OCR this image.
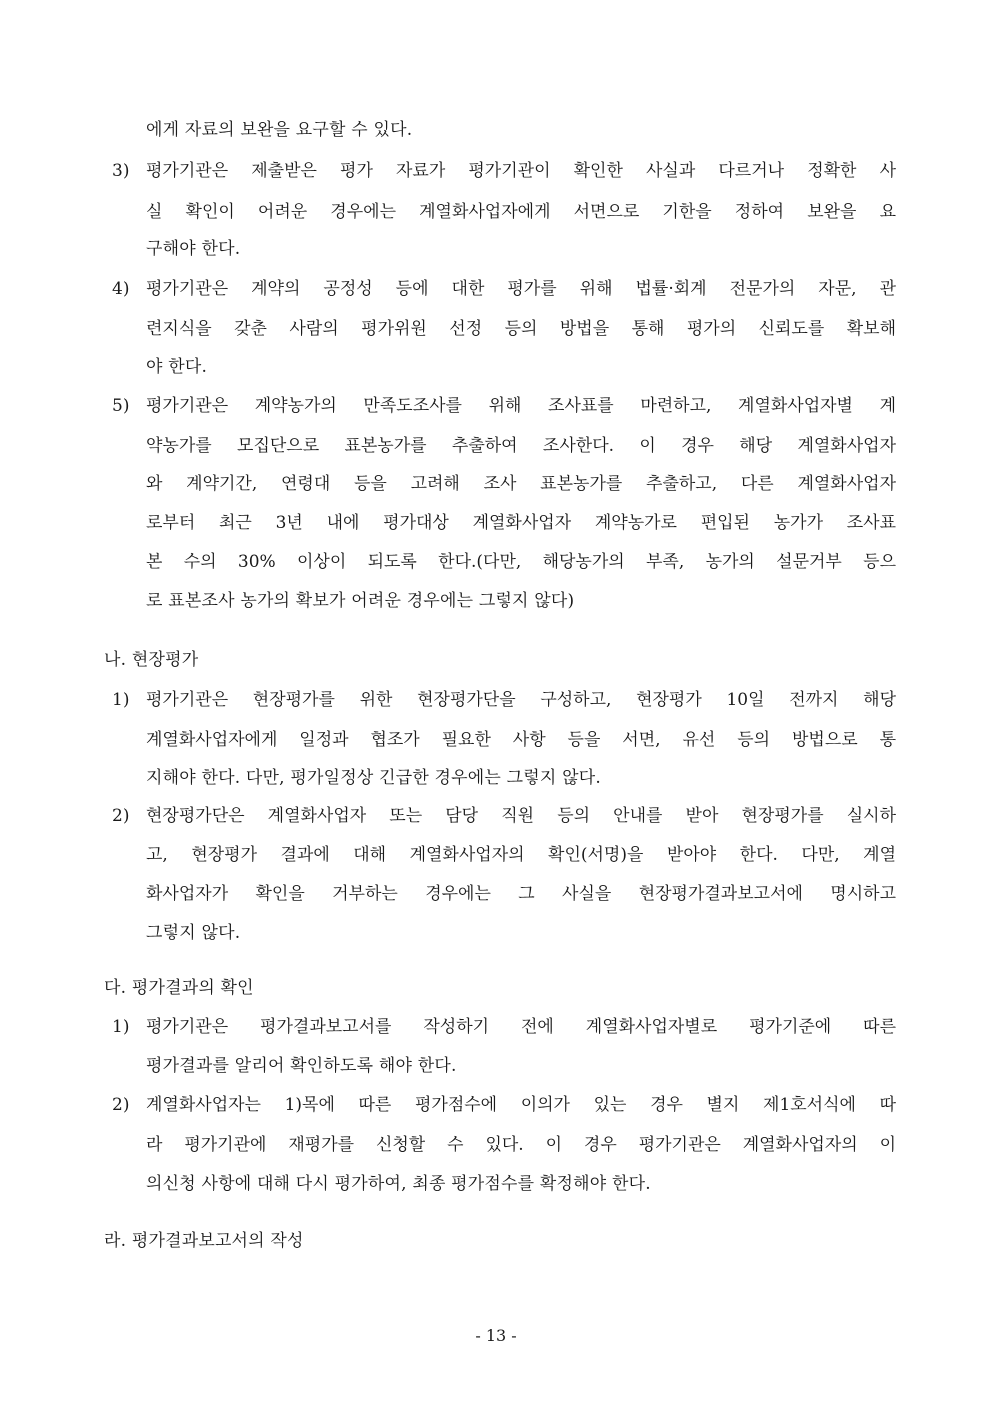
에게 자료의 보완을 요구할 수 있다.
3) 평가기관은 제출받은 평가 자료가 평가기관이 확인한 사실과 다르거나 정확한 사
실 확인이 어려운 경우에는 계열화사업자에게 서면으로 기한을 정하여 보완을 요
구해야 한다.
4) 평가기관은 계약의 공정성 등에 대한 평가를 위해 법률·회계 전문가의 자문, 관
련지식을 갖춘 사람의 평가위원 선정 등의 방법을 통해 평가의 신뢰도를 확보해
야 한다.
5) 평가기관은 계약농가의 만족도조사를 위해 조사표를 마련하고, 계열화사업자별 계
약농가를 모집단으로 표본농가를 추출하여 조사한다. 이 경우 해당 계열화사업자
와 계약기간, 연령대 등을 고려해 조사 표본농가를 추출하고, 다른 계열화사업자
로부터 최근 3년 내에 평가대상 계열화사업자 계약농가로 편입된 농가가 조사표
본 수의 30% 이상이 되도록 한다.(다만, 해당농가의 부족, 농가의 설문거부 등으
로 표본조사 농가의 확보가 어려운 경우에는 그렇지 않다)
나. 현장평가
1) 평가기관은 현장평가를 위한 현장평가단을 구성하고, 현장평가 10일 전까지 해당
계열화사업자에게 일정과 협조가 필요한 사항 등을 서면, 유선 등의 방법으로 통
지해야 한다. 다만, 평가일정상 긴급한 경우에는 그렇지 않다.
2) 현장평가단은 계열화사업자 또는 담당 직원 등의 안내를 받아 현장평가를 실시하
고, 현장평가 결과에 대해 계열화사업자의 확인(서명)을 받아야 한다. 다만, 계열
화사업자가 확인을 거부하는 경우에는 그 사실을 현장평가결과보고서에 명시하고
그렇지 않다.
다. 평가결과의 확인
1) 평가기관은 평가결과보고서를 작성하기 전에 계열화사업자별로 평가기준에 따른
평가결과를 알리어 확인하도록 해야 한다.
2) 계열화사업자는 1)목에 따른 평가점수에 이의가 있는 경우 별지 제1호서식에 따
라 평가기관에 재평가를 신청할 수 있다. 이 경우 평가기관은 계열화사업자의 이
의신청 사항에 대해 다시 평가하여, 최종 평가점수를 확정해야 한다.
라. 평가결과보고서의 작성
- 13 -
